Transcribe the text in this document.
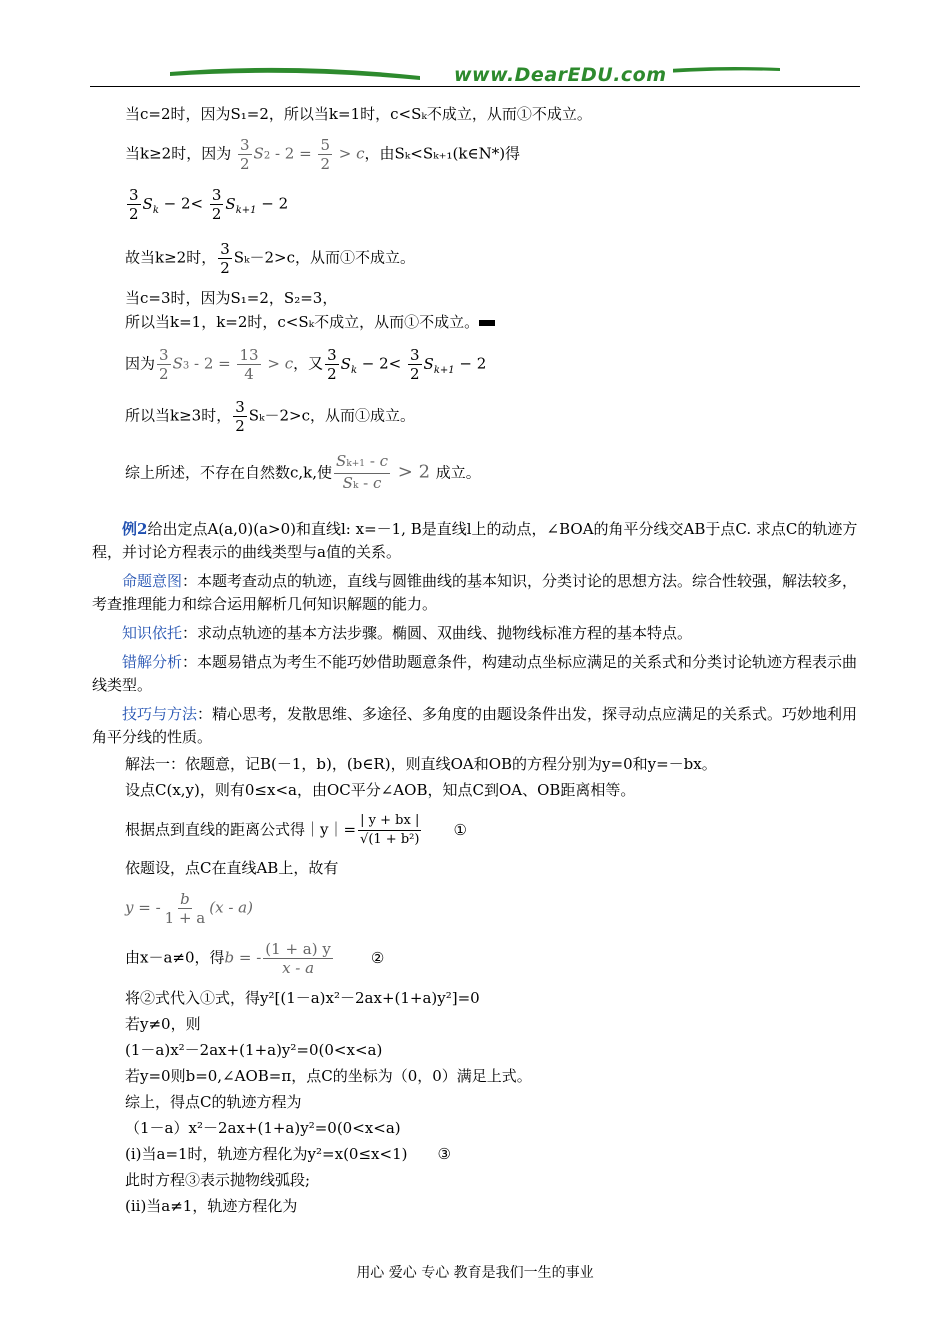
www.DearEDU.com
当c=2时，因为S₁=2，所以当k=1时，c<Sₖ不成立，从而①不成立。
当k≥2时，因为 $\frac{3}{2} S2 - 2 = \frac{5}{2} > c$，由Sₖ<Sₖ₊₁(k∈N*)得
$\frac{3}{2} S_k - 2< \frac{3}{2} S_{k+1} - 2$
故当k≥2时， $\frac{3}{2} S_k-2>c$，从而①不成立。
当c=3时，因为S₁=2，S₂=3，
所以当k=1，k=2时，c<Sₖ不成立，从而①不成立。
因为 $\frac{3}{2} S3 - 2 = \frac{13}{4} > c$，又 $\frac{3}{2} S_k - 2< \frac{3}{2} S_{k+1} - 2$
所以当k≥3时， $\frac{3}{2} S_k-2>c$，从而①成立。
综上所述，不存在自然数c,k,使 $\frac{Sk+1 - c}{Sk - c} > 2$ 成立。

例2给出定点A(a,0)(a>0)和直线l: x=－1, B是直线l上的动点，∠BOA的角平分线交AB于点C. 求点C的轨迹方程，并讨论方程表示的曲线类型与a值的关系。

命题意图：本题考查动点的轨迹，直线与圆锥曲线的基本知识，分类讨论的思想方法。综合性较强，解法较多，考查推理能力和综合运用解析几何知识解题的能力。

知识依托：求动点轨迹的基本方法步骤。椭圆、双曲线、抛物线标准方程的基本特点。

错解分析：本题易错点为考生不能巧妙借助题意条件，构建动点坐标应满足的关系式和分类讨论轨迹方程表示曲线类型。

技巧与方法：精心思考，发散思维、多途径、多角度的由题设条件出发，探寻动点应满足的关系式。巧妙地利用角平分线的性质。

解法一：依题意，记B(－1，b)，(b∈R)，则直线OA和OB的方程分别为y=0和y=－bx。
设点C(x,y)，则有0≤x<a，由OC平分∠AOB，知点C到OA、OB距离相等。
根据点到直线的距离公式得｜y｜= $\frac{| y + bx |}{\text{√(1 + b²)}}$ ①
依题设，点C在直线AB上，故有
y = - $\frac{b}{1 + a} (x - a)$
由x－a≠0，得b = - $\frac{(1 + a) y}{x - a}$	②
将②式代入①式，得y²[(1－a)x²－2ax+(1+a)y²]=0
若y≠0，则
(1－a)x²－2ax+(1+a)y²=0(0<x<a)
若y=0则b=0,∠AOB=π，点C的坐标为（0，0）满足上式。
综上，得点C的轨迹方程为
（1－a）x²－2ax+(1+a)y²=0(0<x<a)
(i)当a=1时，轨迹方程化为y²=x(0≤x<1) ③
此时方程③表示抛物线弧段;
(ii)当a≠1，轨迹方程化为
用心 爱心 专心 教育是我们一生的事业
